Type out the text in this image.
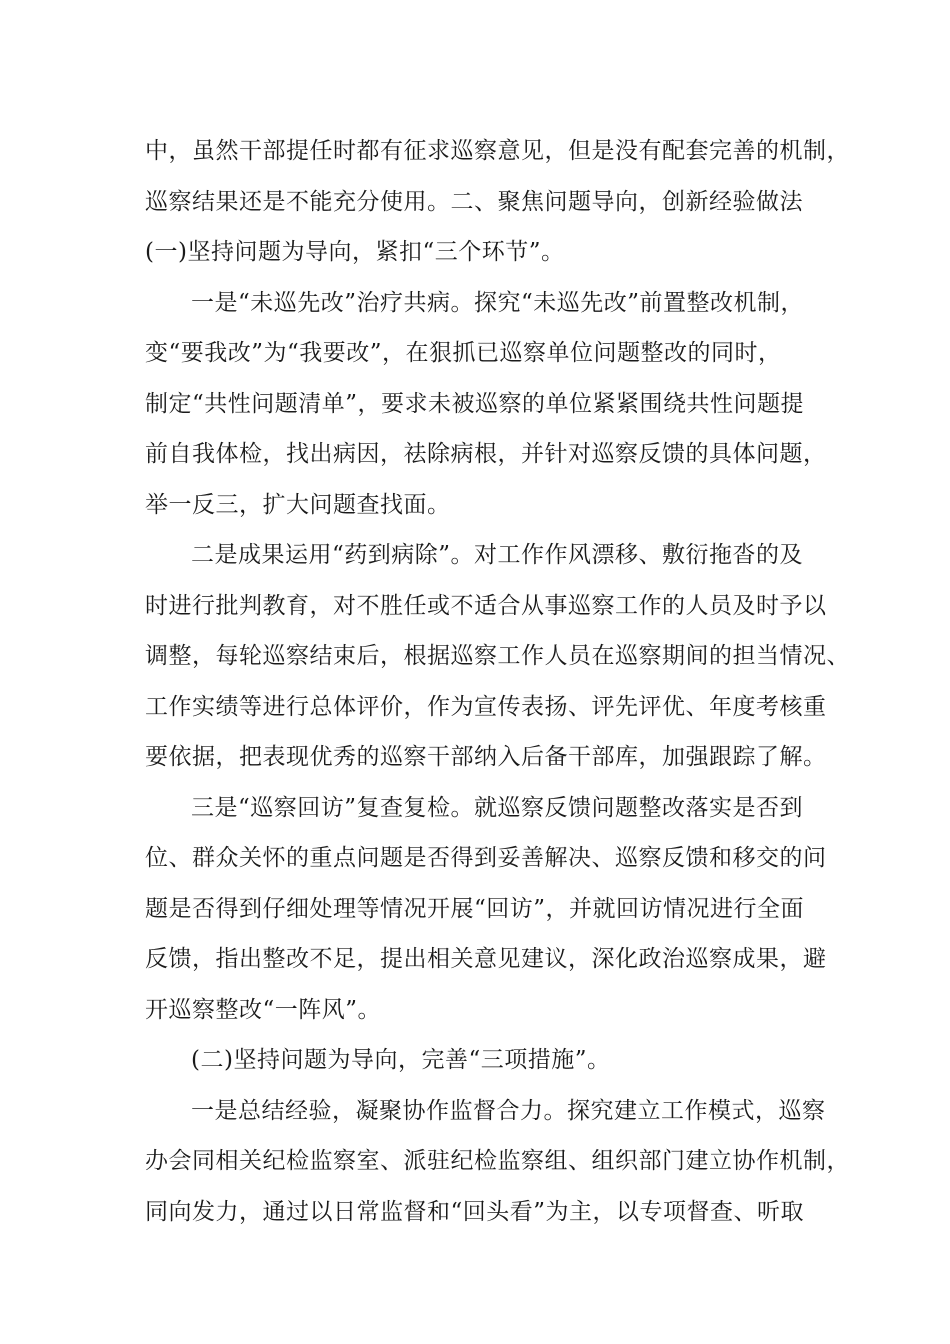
中，虽然干部提任时都有征求巡察意见，但是没有配套完善的机制，
巡察结果还是不能充分使用。二、聚焦问题导向，创新经验做法
(一)坚持问题为导向，紧扣“三个环节”。
一是“未巡先改”治疗共病。探究“未巡先改”前置整改机制，
变“要我改”为“我要改”，在狠抓已巡察单位问题整改的同时，
制定“共性问题清单”，要求未被巡察的单位紧紧围绕共性问题提
前自我体检，找出病因，祛除病根，并针对巡察反馈的具体问题，
举一反三，扩大问题查找面。
二是成果运用“药到病除”。对工作作风漂移、敷衍拖沓的及
时进行批判教育，对不胜任或不适合从事巡察工作的人员及时予以
调整，每轮巡察结束后，根据巡察工作人员在巡察期间的担当情况、
工作实绩等进行总体评价，作为宣传表扬、评先评优、年度考核重
要依据，把表现优秀的巡察干部纳入后备干部库，加强跟踪了解。
三是“巡察回访”复查复检。就巡察反馈问题整改落实是否到
位、群众关怀的重点问题是否得到妥善解决、巡察反馈和移交的问
题是否得到仔细处理等情况开展“回访”，并就回访情况进行全面
反馈，指出整改不足，提出相关意见建议，深化政治巡察成果，避
开巡察整改“一阵风”。
(二)坚持问题为导向，完善“三项措施”。
一是总结经验，凝聚协作监督合力。探究建立工作模式，巡察
办会同相关纪检监察室、派驻纪检监察组、组织部门建立协作机制，
同向发力，通过以日常监督和“回头看”为主，以专项督查、听取
